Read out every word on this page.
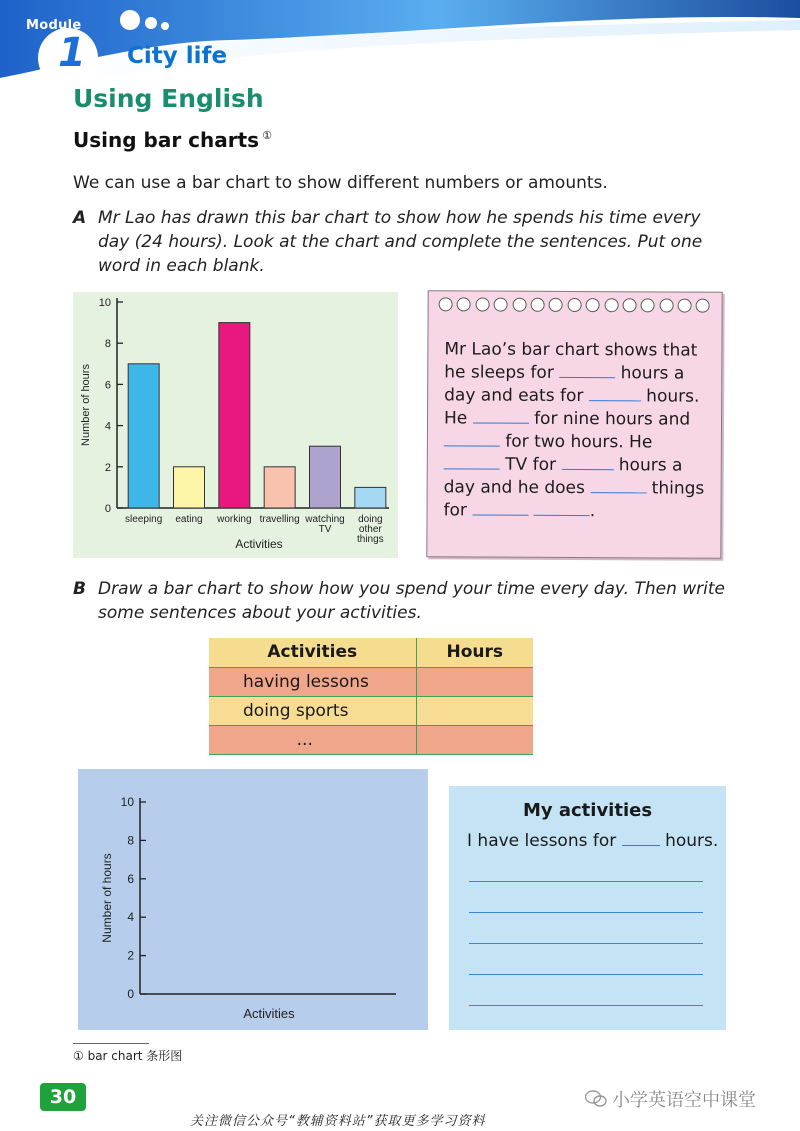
Module
1 City life
Using English
Using bar charts ①
We can use a bar chart to show different numbers or amounts.
A Mr Lao has drawn this bar chart to show how he spends his time every day (24 hours). Look at the chart and complete the sentences. Put one word in each blank.
0
2
4
6
8
10
Number of hours
Activities
sleeping eating working travelling watching
TV
doing
other
things
Mr Lao’s bar chart shows that
he sleeps for	hours a
day and eats for	hours.
He	for nine hours and
for two hours. He
TV for	hours a
day and he does	things
for	.
B Draw a bar chart to show how you spend your time every day. Then write some sentences about your activities.
Activities	Hours
having lessons	
doing sports	
...	
0
2
4
6
8
10
Number of hours
Activities
My activities
I have lessons for	hours.
① bar chart 条形图
30	小学英语空中课堂
关注微信公众号“教辅资料站”获取更多学习资料
